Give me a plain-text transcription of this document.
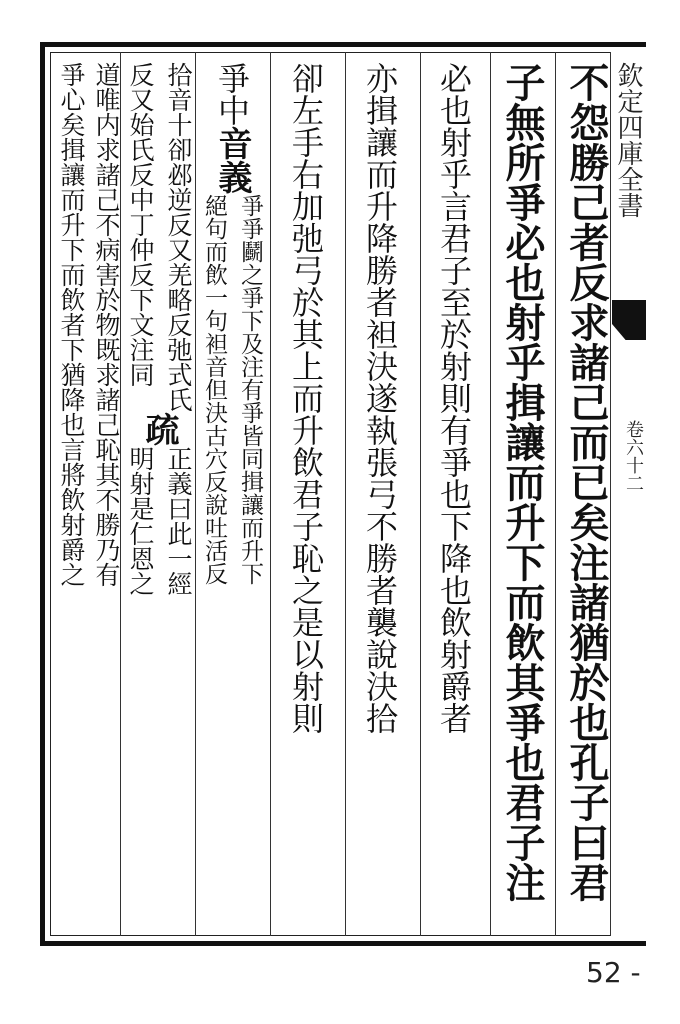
不怨勝己者反求諸己而已矣注諸猶於也孔子曰君
子無所爭必也射乎揖讓而升下而飲其爭也君子注
必也射乎言君子至於射則有爭也下降也飲射爵者
亦揖讓而升降勝者袒決遂執張弓不勝者襲說決拾
卻左手右加弛弓於其上而升飲君子恥之是以射則
爭中
音義
爭爭鬬之爭下及注有爭皆同揖讓而升下
絕句而飲一句袒音但決古穴反說吐活反
拾音十卻
反又始氏
邲逆反又羌略反弛式氏
反中丁仲反下文注同
疏
正義曰此一經
明射是仁恩之
道唯内求諸己不病害於物既求諸己恥其不勝乃有
爭心矣揖讓而升下而飲者下猶降也言將飲射爵之	欽定四庫全書
卷六十二
52 -
